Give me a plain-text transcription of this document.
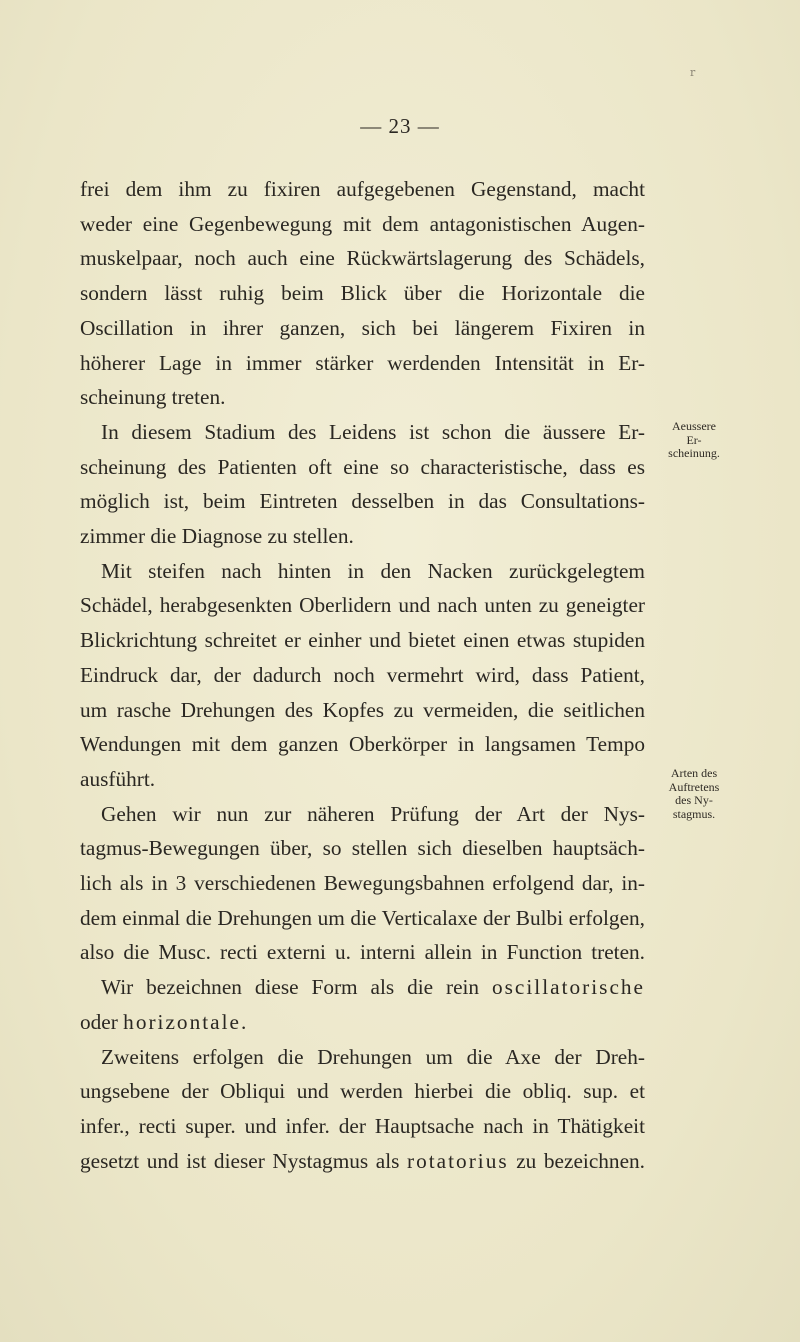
r
— 23 —
frei dem ihm zu fixiren aufgegebenen Gegenstand, macht
weder eine Gegenbewegung mit dem antagonistischen Augen-
muskelpaar, noch auch eine Rückwärtslagerung des Schädels,
sondern lässt ruhig beim Blick über die Horizontale die
Oscillation in ihrer ganzen, sich bei längerem Fixiren in
höherer Lage in immer stärker werdenden Intensität in Er-
scheinung treten.
In diesem Stadium des Leidens ist schon die äussere Er-
scheinung des Patienten oft eine so characteristische, dass es
möglich ist, beim Eintreten desselben in das Consultations-
zimmer die Diagnose zu stellen.
Mit steifen nach hinten in den Nacken zurückgelegtem
Schädel, herabgesenkten Oberlidern und nach unten zu geneigter
Blickrichtung schreitet er einher und bietet einen etwas stupiden
Eindruck dar, der dadurch noch vermehrt wird, dass Patient,
um rasche Drehungen des Kopfes zu vermeiden, die seitlichen
Wendungen mit dem ganzen Oberkörper in langsamen Tempo
ausführt.
Gehen wir nun zur näheren Prüfung der Art der Nys-
tagmus-Bewegungen über, so stellen sich dieselben hauptsäch-
lich als in 3 verschiedenen Bewegungsbahnen erfolgend dar, in-
dem einmal die Drehungen um die Verticalaxe der Bulbi erfolgen,
also die Musc. recti externi u. interni allein in Function treten.
Wir bezeichnen diese Form als die rein oscillatorische
oder horizontale.
Zweitens erfolgen die Drehungen um die Axe der Dreh-
ungsebene der Obliqui und werden hierbei die obliq. sup. et
infer., recti super. und infer. der Hauptsache nach in Thätigkeit
gesetzt und ist dieser Nystagmus als rotatorius zu bezeichnen.
Aeussere
Er-
scheinung.
Arten des
Auftretens
des Ny-
stagmus.
